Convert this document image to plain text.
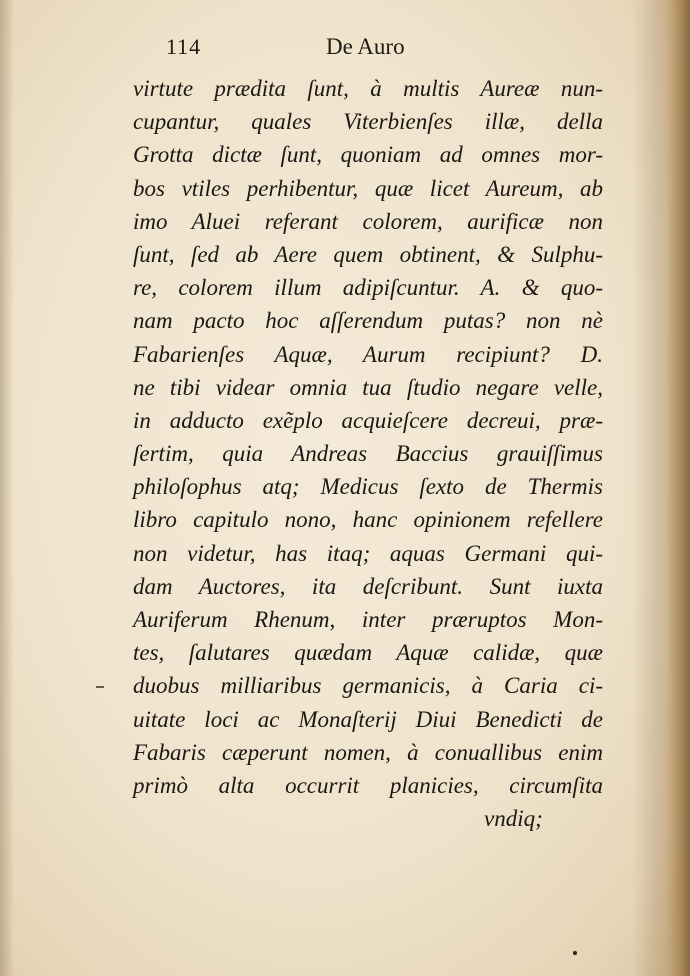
114	De Auro
virtute prædita ſunt, à multis Aureæ nun-
cupantur, quales Viterbienſes illæ, della
Grotta dictæ ſunt, quoniam ad omnes mor-
bos vtiles perhibentur, quæ licet Aureum, ab
imo Aluei referant colorem, aurificæ non
ſunt, ſed ab Aere quem obtinent, & Sulphu-
re, colorem illum adipiſcuntur. A. & quo-
nam pacto hoc aſſerendum putas? non nè
Fabarienſes Aquæ, Aurum recipiunt? D.
ne tibi videar omnia tua ſtudio negare velle,
in adducto exẽplo acquieſcere decreui, præ-
ſertim, quia Andreas Baccius grauiſſimus
philoſophus atq; Medicus ſexto de Thermis
libro capitulo nono, hanc opinionem refellere
non videtur, has itaq; aquas Germani qui-
dam Auctores, ita deſcribunt. Sunt iuxta
Auriferum Rhenum, inter præruptos Mon-
tes, ſalutares quædam Aquæ calidæ, quæ
duobus milliaribus germanicis, à Caria ci-
uitate loci ac Monaſterij Diui Benedicti de
Fabaris cæperunt nomen, à conuallibus enim
primò alta occurrit planicies, circumſita
vndiq;
